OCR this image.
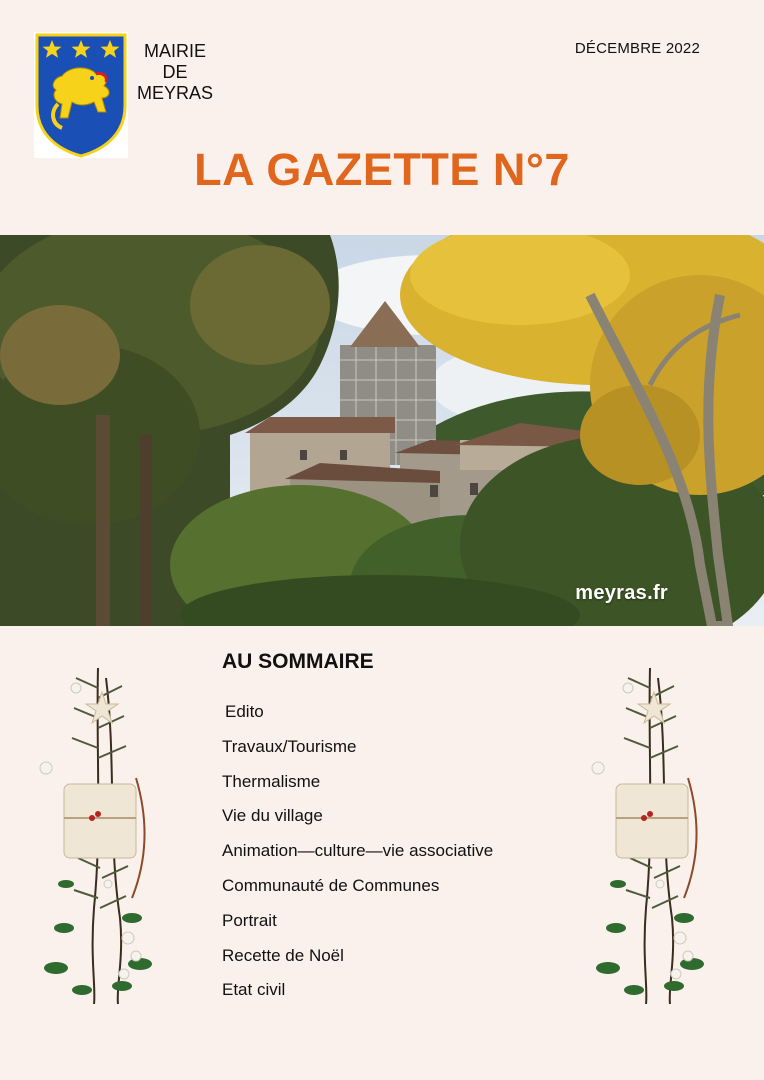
MAIRIE
DE
MEYRAS
DÉCEMBRE 2022
LA GAZETTE N°7
meyras.fr
AU SOMMAIRE
Edito
Travaux/Tourisme
Thermalisme
Vie du village
Animation—culture—vie associative
Communauté de Communes
Portrait
Recette de Noël
Etat civil
